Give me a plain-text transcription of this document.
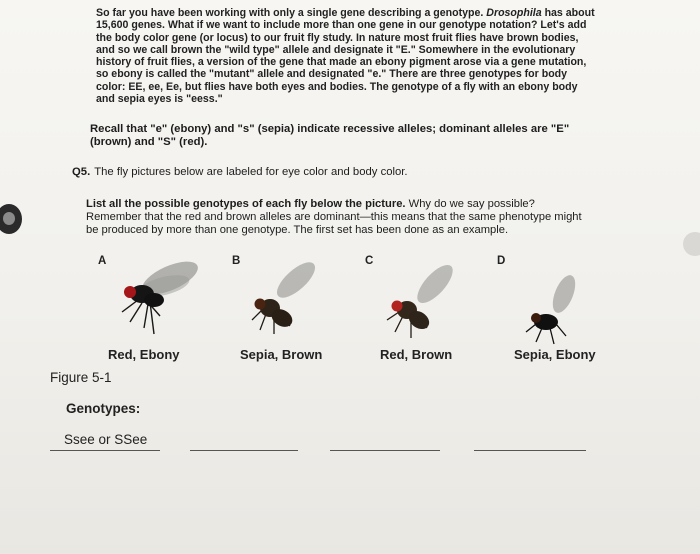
So far you have been working with only a single gene describing a genotype. Drosophila has about 15,600 genes. What if we want to include more than one gene in our genotype notation? Let's add the body color gene (or locus) to our fruit fly study. In nature most fruit flies have brown bodies, and so we call brown the "wild type" allele and designate it "E." Somewhere in the evolutionary history of fruit flies, a version of the gene that made an ebony pigment arose via a gene mutation, so ebony is called the "mutant" allele and designated "e." There are three genotypes for body color: EE, ee, Ee, but flies have both eyes and bodies. The genotype of a fly with an ebony body and sepia eyes is "eess."
Recall that "e" (ebony) and "s" (sepia) indicate recessive alleles; dominant alleles are "E" (brown) and "S" (red).
Q5. The fly pictures below are labeled for eye color and body color.
List all the possible genotypes of each fly below the picture. Why do we say possible? Remember that the red and brown alleles are dominant—this means that the same phenotype might be produced by more than one genotype. The first set has been done as an example.
A	B	C	D
Red, Ebony	Sepia, Brown	Red, Brown	Sepia, Ebony
Figure 5-1
Genotypes:
Ssee or SSee
